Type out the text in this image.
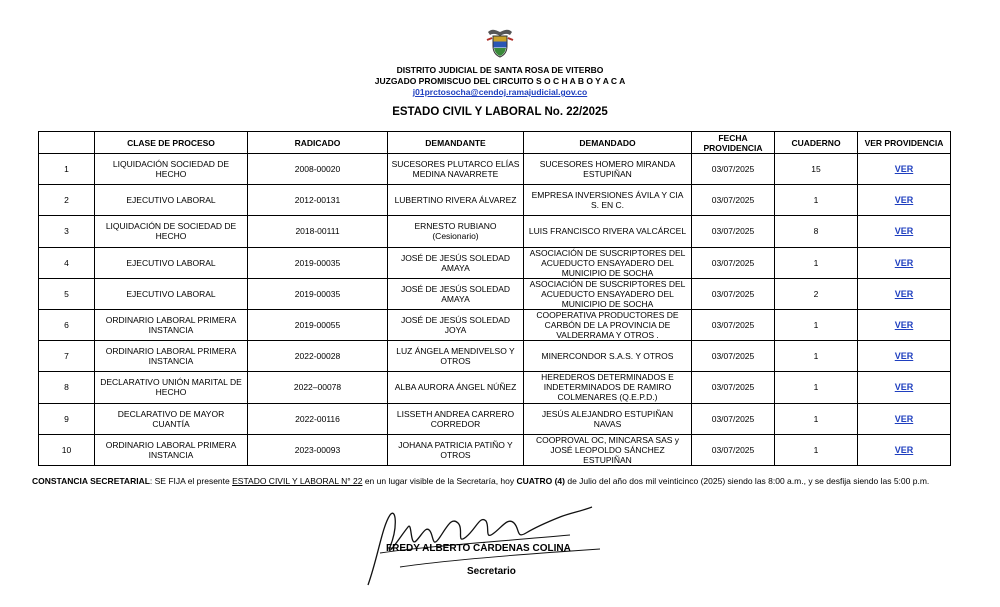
DISTRITO JUDICIAL DE SANTA ROSA DE VITERBO
JUZGADO PROMISCUO DEL CIRCUITO S O C H A B O Y A C A
j01prctosocha@cendoj.ramajudicial.gov.co
ESTADO CIVIL Y LABORAL No. 22/2025
	CLASE DE PROCESO	RADICADO	DEMANDANTE	DEMANDADO	FECHA PROVIDENCIA	CUADERNO	VER PROVIDENCIA
1	LIQUIDACIÓN SOCIEDAD DE HECHO	2008-00020	SUCESORES PLUTARCO ELÍAS MEDINA NAVARRETE	SUCESORES HOMERO MIRANDA ESTUPIÑAN	03/07/2025	15	VER
2	EJECUTIVO LABORAL	2012-00131	LUBERTINO RIVERA ÁLVAREZ	EMPRESA INVERSIONES ÁVILA Y CIA S. EN C.	03/07/2025	1	VER
3	LIQUIDACIÓN DE SOCIEDAD DE HECHO	2018-00111	ERNESTO RUBIANO (Cesionario)	LUIS FRANCISCO RIVERA VALCÁRCEL	03/07/2025	8	VER
4	EJECUTIVO LABORAL	2019-00035	JOSÉ DE JESÚS SOLEDAD AMAYA	ASOCIACIÓN DE SUSCRIPTORES DEL ACUEDUCTO ENSAYADERO DEL MUNICIPIO DE SOCHA	03/07/2025	1	VER
5	EJECUTIVO LABORAL	2019-00035	JOSÉ DE JESÚS SOLEDAD AMAYA	ASOCIACIÓN DE SUSCRIPTORES DEL ACUEDUCTO ENSAYADERO DEL MUNICIPIO DE SOCHA	03/07/2025	2	VER
6	ORDINARIO LABORAL PRIMERA INSTANCIA	2019-00055	JOSÉ DE JESÚS SOLEDAD JOYA	COOPERATIVA PRODUCTORES DE CARBÓN DE LA PROVINCIA DE VALDERRAMA Y OTROS .	03/07/2025	1	VER
7	ORDINARIO LABORAL PRIMERA INSTANCIA	2022-00028	LUZ ÁNGELA MENDIVELSO Y OTROS	MINERCONDOR S.A.S. Y OTROS	03/07/2025	1	VER
8	DECLARATIVO UNIÓN MARITAL DE HECHO	2022–00078	ALBA AURORA ÁNGEL NÚÑEZ	HEREDEROS DETERMINADOS E INDETERMINADOS DE RAMIRO COLMENARES (Q.E.P.D.)	03/07/2025	1	VER
9	DECLARATIVO DE MAYOR CUANTÍA	2022-00116	LISSETH ANDREA CARRERO CORREDOR	JESÚS ALEJANDRO ESTUPIÑAN NAVAS	03/07/2025	1	VER
10	ORDINARIO LABORAL PRIMERA INSTANCIA	2023-00093	JOHANA PATRICIA PATIÑO Y OTROS	COOPROVAL OC, MINCARSA SAS y JOSÉ LEOPOLDO SÁNCHEZ ESTUPIÑAN	03/07/2025	1	VER
CONSTANCIA SECRETARIAL: SE FIJA el presente ESTADO CIVIL Y LABORAL N° 22 en un lugar visible de la Secretaría, hoy CUATRO (4) de Julio del año dos mil veinticinco (2025) siendo las 8:00 a.m., y se desfija siendo las 5:00 p.m.
FREDY ALBERTO CÁRDENAS COLINA
Secretario
